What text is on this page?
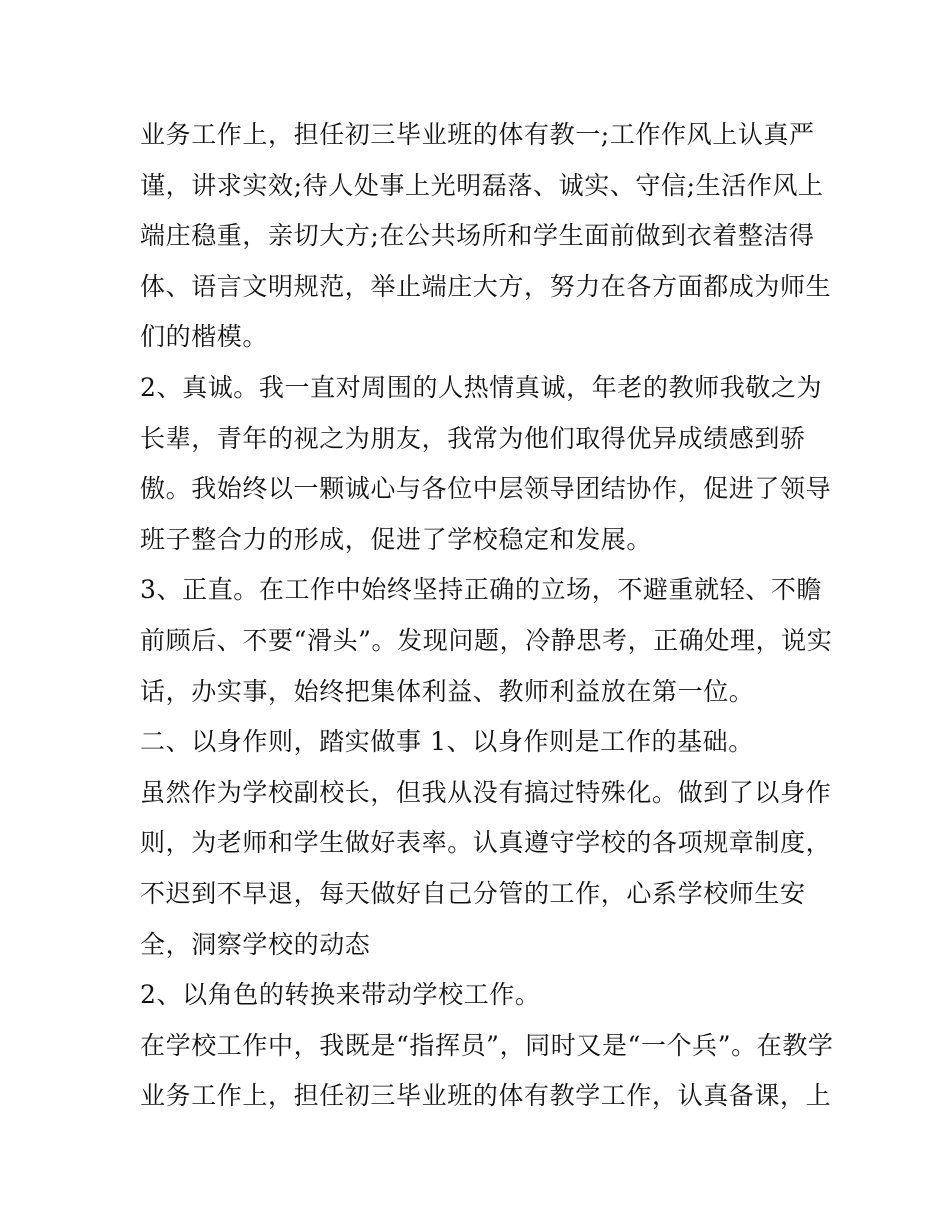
业务工作上，担任初三毕业班的体有教一;工作作风上认真严
谨，讲求实效;待人处事上光明磊落、诚实、守信;生活作风上
端庄稳重，亲切大方;在公共场所和学生面前做到衣着整洁得
体、语言文明规范，举止端庄大方，努力在各方面都成为师生
们的楷模。
2、真诚。我一直对周围的人热情真诚，年老的教师我敬之为
长辈，青年的视之为朋友，我常为他们取得优异成绩感到骄
傲。我始终以一颗诚心与各位中层领导团结协作，促进了领导
班子整合力的形成，促进了学校稳定和发展。
3、正直。在工作中始终坚持正确的立场，不避重就轻、不瞻
前顾后、不要“滑头”。发现问题，冷静思考，正确处理，说实
话，办实事，始终把集体利益、教师利益放在第一位。
二、以身作则，踏实做事 1、以身作则是工作的基础。
虽然作为学校副校长，但我从没有搞过特殊化。做到了以身作
则，为老师和学生做好表率。认真遵守学校的各项规章制度，
不迟到不早退，每天做好自己分管的工作，心系学校师生安
全，洞察学校的动态
2、以角色的转换来带动学校工作。
在学校工作中，我既是“指挥员”，同时又是“一个兵”。在教学
业务工作上，担任初三毕业班的体有教学工作，认真备课，上
